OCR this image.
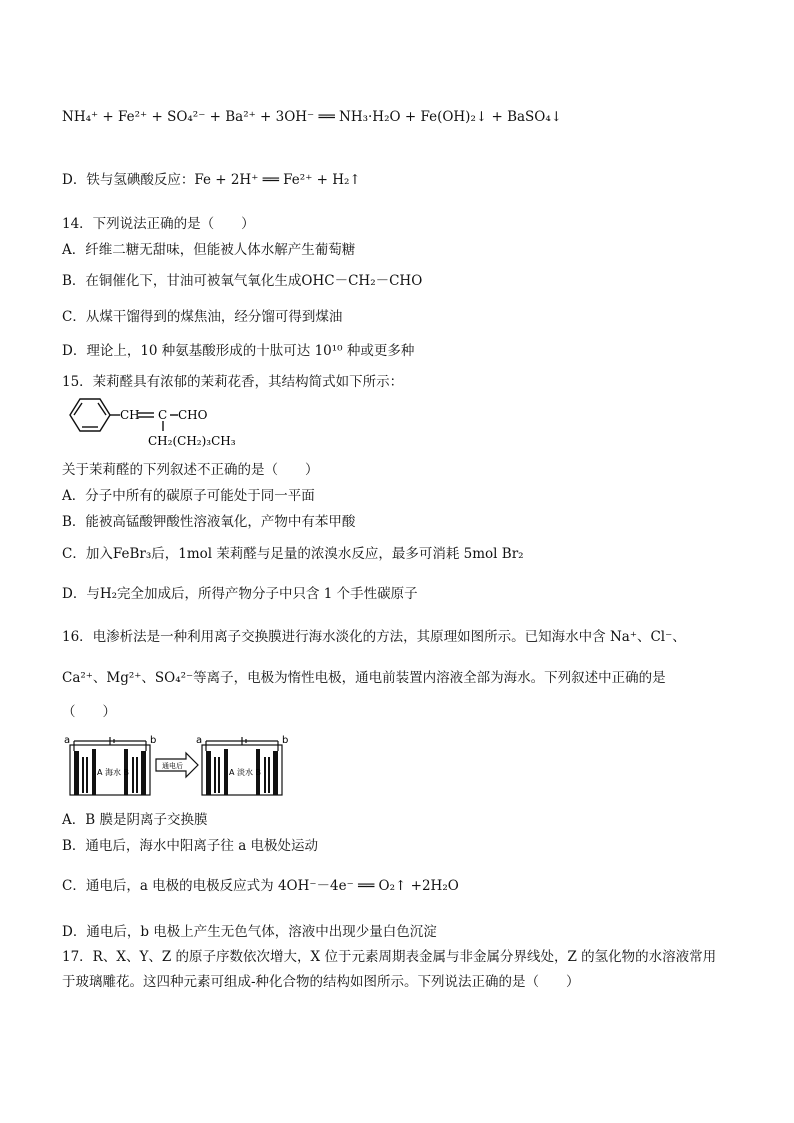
NH₄⁺ + Fe²⁺ + SO₄²⁻ + Ba²⁺ + 3OH⁻ ══ NH₃·H₂O + Fe(OH)₂↓ + BaSO₄↓
D．铁与氢碘酸反应：Fe + 2H⁺ ══ Fe²⁺ + H₂↑
14．下列说法正确的是（　　）
A．纤维二糖无甜味，但能被人体水解产生葡萄糖
B．在铜催化下，甘油可被氧气氧化生成OHC－CH₂－CHO
C．从煤干馏得到的煤焦油，经分馏可得到煤油
D．理论上，10 种氨基酸形成的十肽可达 10¹⁰ 种或更多种
15．茉莉醛具有浓郁的茉莉花香，其结构简式如下所示：
CH C CHO
CH₂(CH₂)₃CH₃
关于茉莉醛的下列叙述不正确的是（　　）
A．分子中所有的碳原子可能处于同一平面
B．能被高锰酸钾酸性溶液氧化，产物中有苯甲酸
C．加入FeBr₃后，1mol 茉莉醛与足量的浓溴水反应，最多可消耗 5mol Br₂
D．与H₂完全加成后，所得产物分子中只含 1 个手性碳原子
16．电渗析法是一种利用离子交换膜进行海水淡化的方法，其原理如图所示。已知海水中含 Na⁺、Cl⁻、
Ca²⁺、Mg²⁺、SO₄²⁻等离子，电极为惰性电极，通电前装置内溶液全部为海水。下列叙述中正确的是
（　　）
a	b	a	b
A 海水 B	A 淡水 B
通电后
A．B 膜是阴离子交换膜
B．通电后，海水中阳离子往 a 电极处运动
C．通电后，a 电极的电极反应式为 4OH⁻－4e⁻ ══ O₂↑ +2H₂O
D．通电后，b 电极上产生无色气体，溶液中出现少量白色沉淀
17．R、X、Y、Z 的原子序数依次增大，X 位于元素周期表金属与非金属分界线处，Z 的氢化物的水溶液常用
于玻璃雕花。这四种元素可组成-种化合物的结构如图所示。下列说法正确的是（　　）
